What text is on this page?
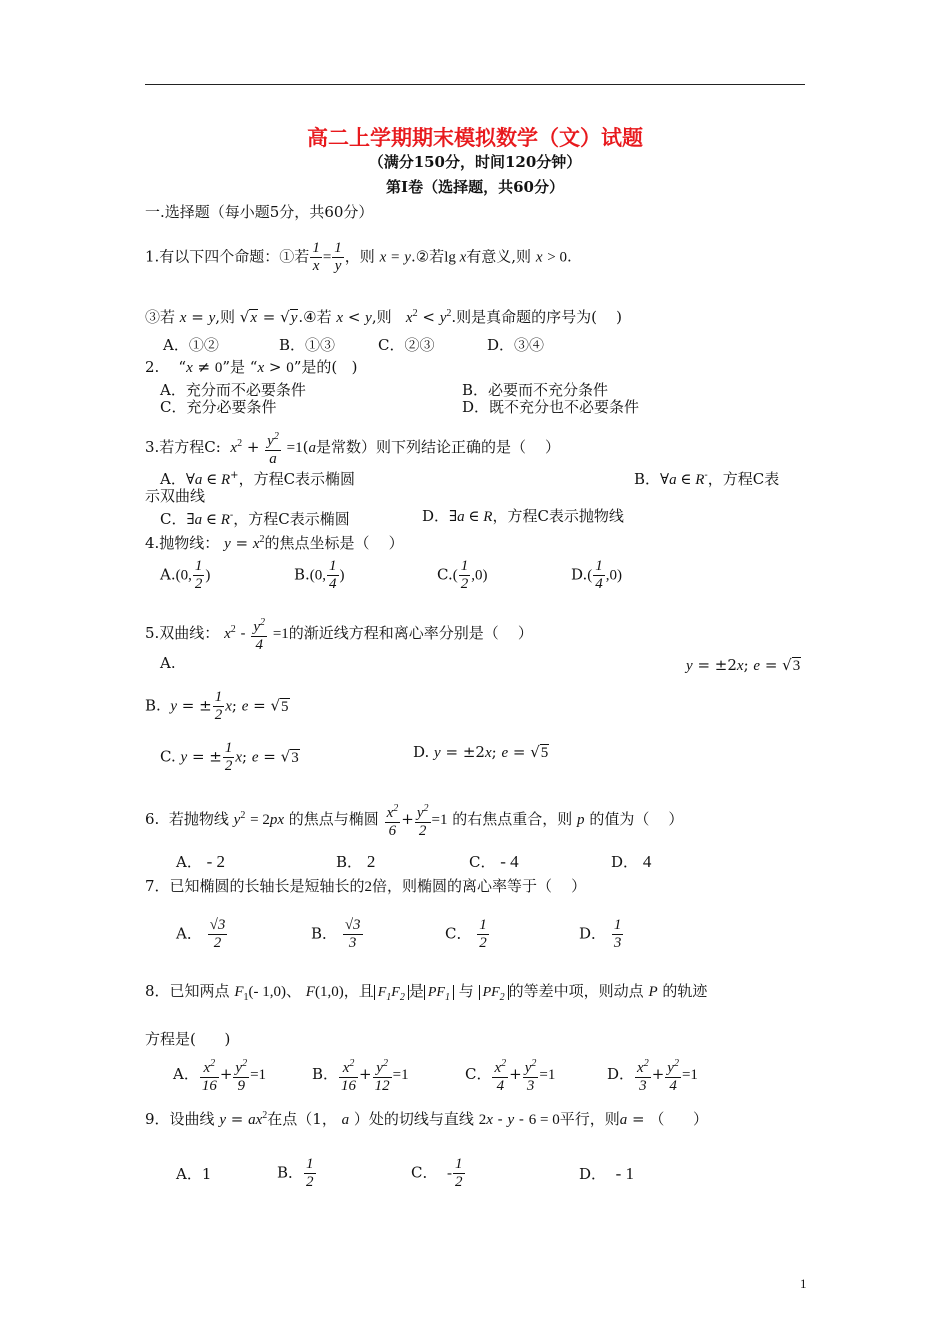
高二上学期期末模拟数学（文）试题
（满分150分，时间120分钟）
第Ⅰ卷（选择题，共60分）
一.选择题（每小题5分，共60分）
1.有以下四个命题：①若 $\frac{1}{x} = \frac{1}{y}$ ，则 x = y.②若lg x有意义,则 x > 0.
③若 x = y,则 √x = √y.④若 x < y,则 $x^2 < y^2$.则是真命题的序号为( )
A．①②	B．①③	C．②③	D．③④
2. “x ≠ 0”是 “x > 0”是的( )
A．充分而不必要条件	B．必要而不充分条件
C．充分必要条件	D．既不充分也不必要条件
3.若方程C: $x^2 + \frac{y^2}{a} =1(a$是常数）则下列结论正确的是（ ）
A．∀a ∈ R+，方程C表示椭圆	B．∀a ∈ R-，方程C表
示双曲线
C．∃a ∈ R-，方程C表示椭圆	D．∃a ∈ R，方程C表示抛物线
4.抛物线： $y = x^2$的焦点坐标是（ ）
A.(0, $\frac{1}{2}$ )	B.(0, $\frac{1}{4}$ )	$C.( \frac{1}{2} ,0)$	$D.( \frac{1}{4} ,0)$
5.双曲线： $x^2 - \frac{y^2}{4} =1$的渐近线方程和离心率分别是（ ）
A.	y = ±2x; e = √3
B. y = ± $\frac{1}{2} x$; e = √5
C. y = ± $\frac{1}{2} x$; e = √3	D. y = ±2x; e = √5
6. 若抛物线 $y^2 = 2px$ 的焦点与椭圆 $\frac{x^2}{6} + \frac{y^2}{2} =1$ 的右焦点重合，则 p 的值为（ ）
A． - 2	B． 2	C． - 4	D． 4
7．已知椭圆的长轴长是短轴长的2倍，则椭圆的离心率等于（ ）
A． $\frac{√3}{2}$	B． $\frac{√3}{3}$	C． $\frac{1}{2}$	D． $\frac{1}{3}$
8．已知两点 $F_1(-$ 1,0)、 F(1,0)，且 $F_1F_2$ 是 $PF_1$ 与 $PF_2$ 的等差中项，则动点 P 的轨迹
方程是( )
A． $\frac{x^2}{16} + \frac{y^2}{9} =1$	B． $\frac{x^2}{16} + \frac{y^2}{12} =1$	C． $\frac{x^2}{4} + \frac{y^2}{3} =1$	D． $\frac{x^2}{3} + \frac{y^2}{4} =1$
9．设曲线 $y = ax^2$在点（1， a ）处的切线与直线 2x - y - 6 = 0平行，则a = （ ）
A．1	B． $\frac{1}{2}$	C． - $\frac{1}{2}$	D． - 1
1
